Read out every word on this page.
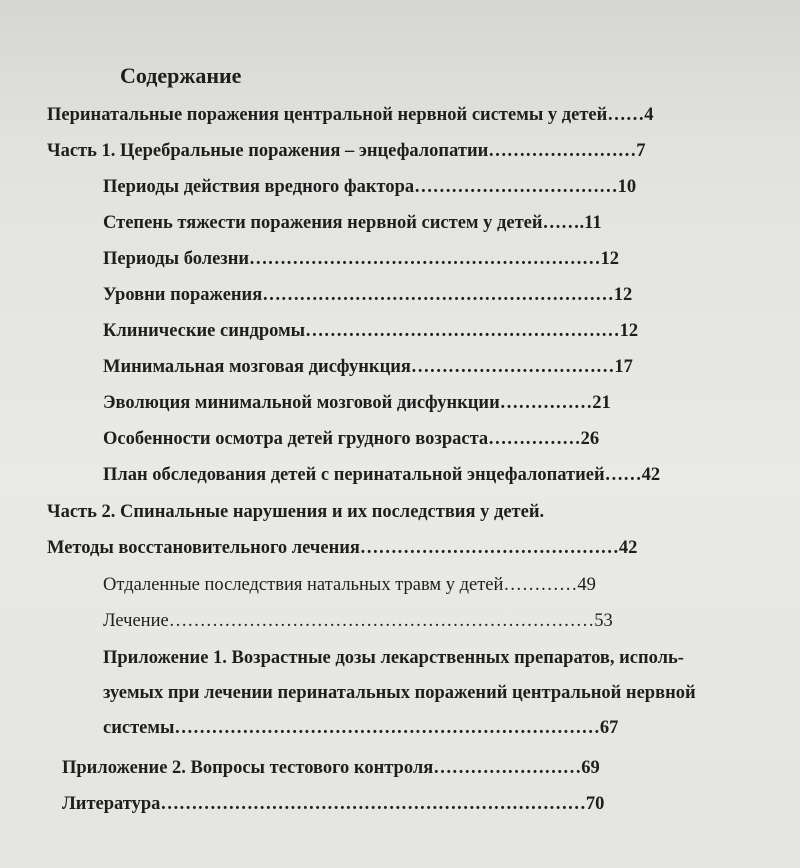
Содержание
Перинатальные поражения центральной нервной системы у детей……4
Часть 1. Церебральные поражения – энцефалопатии……………………7
Периоды действия вредного фактора……………………………10
Степень тяжести поражения нервной систем у детей…….11
Периоды болезни…………………………………………………12
Уровни поражения…………………………………………………12
Клинические синдромы……………………………………………12
Минимальная мозговая дисфункция……………………………17
Эволюция минимальной мозговой дисфункции……………21
Особенности осмотра детей грудного возраста……………26
План обследования детей с перинатальной энцефалопатией……42
Часть 2. Спинальные нарушения и их последствия у детей.
Методы восстановительного лечения……………………………………42
Отдаленные последствия натальных травм у детей…………49
Лечение……………………………………………………………53
Приложение 1. Возрастные дозы лекарственных препаратов, исполь-
зуемых при лечении перинатальных поражений центральной нервной
системы……………………………………………………………67
Приложение 2. Вопросы тестового контроля……………………69
Литература……………………………………………………………70
